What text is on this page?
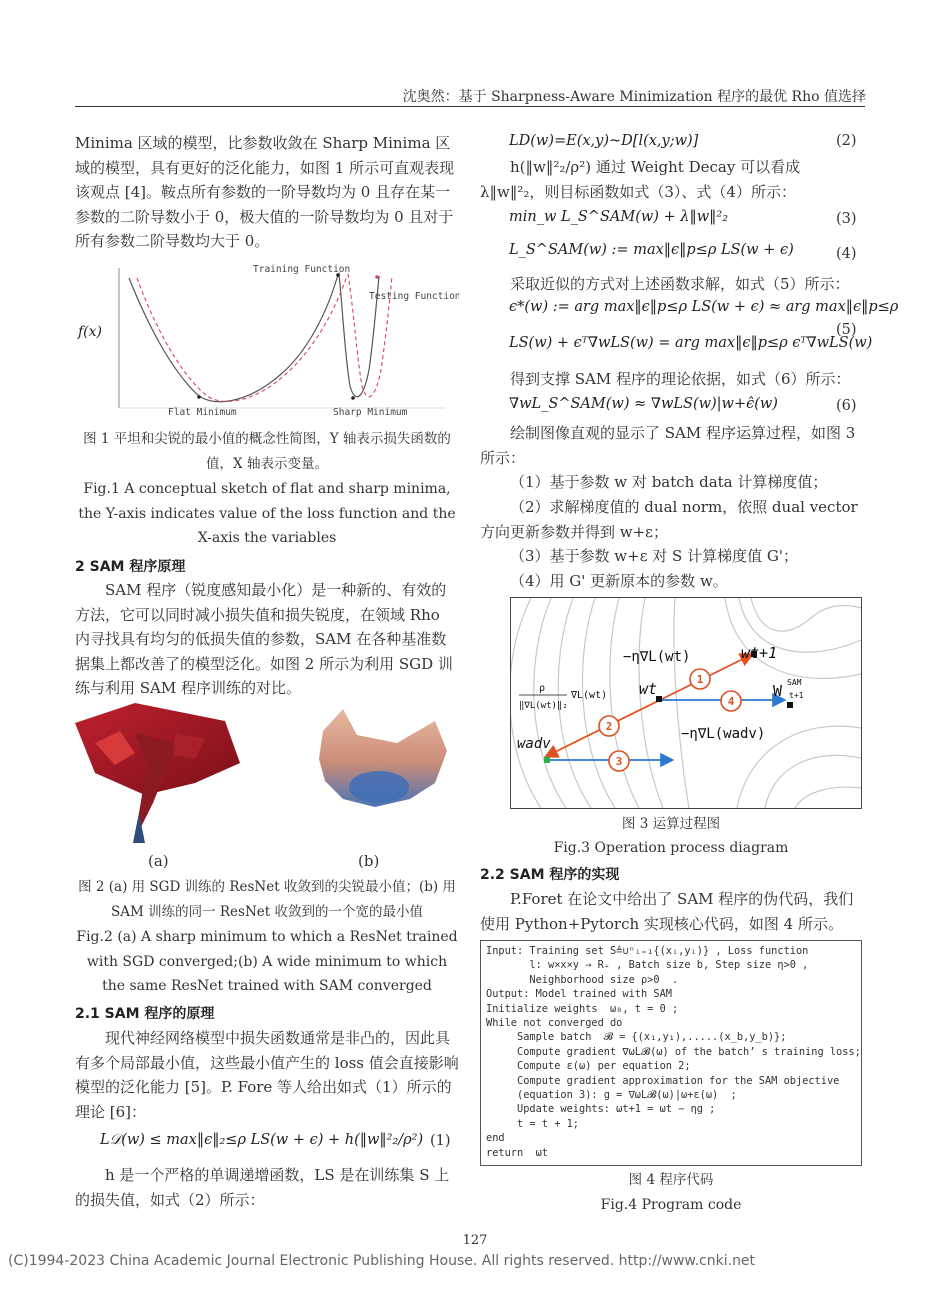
沈奥然：基于 Sharpness-Aware Minimization 程序的最优 Rho 值选择
Minima 区域的模型，比参数收敛在 Sharp Minima 区域的模型，具有更好的泛化能力，如图 1 所示可直观表现该观点 [4]。鞍点所有参数的一阶导数均为 0 且存在某一参数的二阶导数小于 0，极大值的一阶导数均为 0 且对于所有参数二阶导数均大于 0。
f(x)
Training Function
Testing Function
Flat Minimum	Sharp Minimum
图 1 平坦和尖锐的最小值的概念性简图，Y 轴表示损失函数的值，X 轴表示变量。
Fig.1 A conceptual sketch of flat and sharp minima, the Y-axis indicates value of the loss function and the X-axis the variables
2 SAM 程序原理
SAM 程序（锐度感知最小化）是一种新的、有效的方法，它可以同时减小损失值和损失锐度，在领域 Rho 内寻找具有均匀的低损失值的参数，SAM 在各种基准数据集上都改善了的模型泛化。如图 2 所示为利用 SGD 训练与利用 SAM 程序训练的对比。
(a)	(b)
图 2 (a) 用 SGD 训练的 ResNet 收敛到的尖锐最小值；(b) 用 SAM 训练的同一 ResNet 收敛到的一个宽的最小值
Fig.2 (a) A sharp minimum to which a ResNet trained with SGD converged;(b) A wide minimum to which the same ResNet trained with SAM converged
2.1 SAM 程序的原理
现代神经网络模型中损失函数通常是非凸的，因此具有多个局部最小值，这些最小值产生的 loss 值会直接影响模型的泛化能力 [5]。P. Fore 等人给出如式（1）所示的理论 [6]：
L𝒟(w) ≤ max‖ϵ‖₂≤ρ LS(w + ϵ) + h(‖w‖²₂/ρ²) (1)
h 是一个严格的单调递增函数，LS 是在训练集 S 上的损失值，如式（2）所示：
LD(w)=E(x,y)~D[l(x,y;w)]	(2)
h(‖w‖²₂/ρ²) 通过 Weight Decay 可以看成 λ‖w‖²₂，则目标函数如式（3）、式（4）所示：
min_w L_S^SAM(w) + λ‖w‖²₂	(3)
L_S^SAM(w) := max‖ϵ‖p≤ρ LS(w + ϵ)	(4)
采取近似的方式对上述函数求解，如式（5）所示：
ϵ*(w) := arg max‖ϵ‖p≤ρ LS(w + ϵ) ≈ arg max‖ϵ‖p≤ρ
LS(w) + ϵᵀ∇wLS(w) = arg max‖ϵ‖p≤ρ ϵᵀ∇wLS(w)
(5)
得到支撑 SAM 程序的理论依据，如式（6）所示：
∇wL_S^SAM(w) ≈ ∇wLS(w)|w+ϵ̂(w)	(6)
绘制图像直观的显示了 SAM 程序运算过程，如图 3 所示：
（1）基于参数 w 对 batch data 计算梯度值；
（2）求解梯度值的 dual norm，依照 dual vector 方向更新参数并得到 w+ε；
（3）基于参数 w+ε 对 S 计算梯度值 G'；
（4）用 G' 更新原本的参数 w。
1
2
3
4
−η∇L(wt)	wt+1
W SAM
t+1
wt
wadv
−η∇L(wadv)
ρ
‖∇L(wt)‖₂
∇L(wt)
图 3 运算过程图
Fig.3 Operation process diagram
2.2 SAM 程序的实现
P.Foret 在论文中给出了 SAM 程序的伪代码，我们使用 Python+Pytorch 实现核心代码，如图 4 所示。
Input: Training set S≜∪ⁿᵢ₌₁{(xᵢ,yᵢ)} , Loss function
l: w×x×y → R₊ , Batch size b, Step size η>0 ,
Neighborhood size ρ>0  .
Output: Model trained with SAM
Initialize weights  ω₀, t = 0 ;
While not converged do
Sample batch  𝓑 = {(x₁,y₁),.....(x_b,y_b)};
Compute gradient ∇ωL𝓑(ω) of the batch’ s training loss;
Compute ε(ω) per equation 2;
Compute gradient approximation for the SAM objective
(equation 3): g = ∇ωL𝓑(ω)|ω+ε(ω)  ;
Update weights: ωt+1 = ωt − ηg ;
t = t + 1;
end
return  ωt
图 4 程序代码
Fig.4 Program code
127
(C)1994-2023 China Academic Journal Electronic Publishing House. All rights reserved. http://www.cnki.net
